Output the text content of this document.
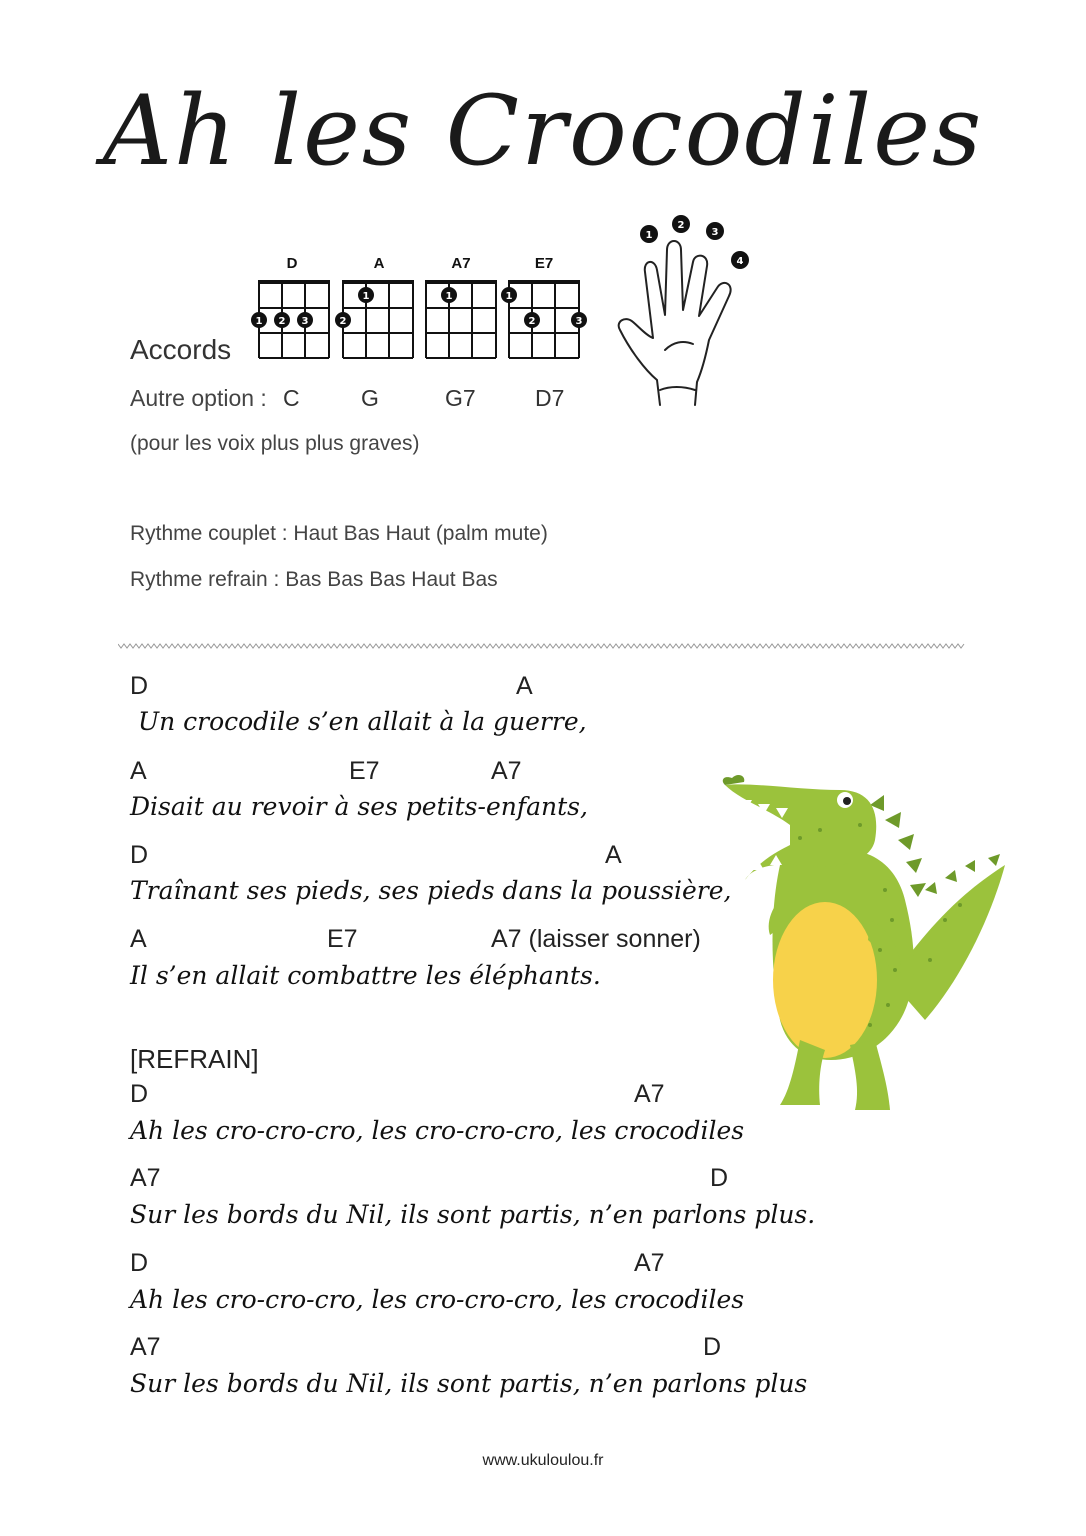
Ah les Crocodiles
D	A	A7	E7
1 2 3
1
2
1	1
2	3
1
2
3
4
Accords
Autre option : C	G	G7	D7
(pour les voix plus plus graves)
Rythme couplet : Haut Bas Haut (palm mute)
Rythme refrain : Bas Bas Bas Haut Bas
D	A
Un crocodile s’en allait à la guerre,
A	E7	A7
Disait au revoir à ses petits-enfants,
D	A
Traînant ses pieds, ses pieds dans la poussière,
A	E7	A7 (laisser sonner)
Il s’en allait combattre les éléphants.
[REFRAIN]
D	A7
Ah les cro-cro-cro, les cro-cro-cro, les crocodiles
A7	D
Sur les bords du Nil, ils sont partis, n’en parlons plus.
D	A7
Ah les cro-cro-cro, les cro-cro-cro, les crocodiles
A7	D
Sur les bords du Nil, ils sont partis, n’en parlons plus
www.ukuloulou.fr
